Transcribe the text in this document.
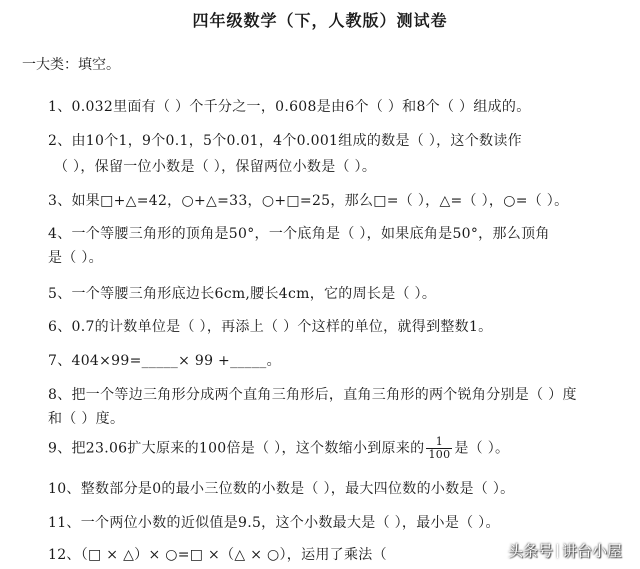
四年级数学（下，人教版）测试卷
一大类：填空。
1、0.032里面有（ ）个千分之一，0.608是由6个（ ）和8个（ ）组成的。
2、由10个1，9个0.1，5个0.01，4个0.001组成的数是（ ），这个数读作
（ ），保留一位小数是（ ），保留两位小数是（ ）。
3、如果□+△=42，○+△=33，○+□=25，那么□=（ ），△=（ ），○=（ ）。
4、一个等腰三角形的顶角是50°，一个底角是（ ），如果底角是50°，那么顶角
是（ ）。
5、一个等腰三角形底边长6cm,腰长4cm，它的周长是（ ）。
6、0.7的计数单位是（ ），再添上（ ）个这样的单位，就得到整数1。
7、404×99=_____× 99 +_____。
8、把一个等边三角形分成两个直角三角形后，直角三角形的两个锐角分别是（ ）度
和（ ）度。
9、把23.06扩大原来的100倍是（ ），这个数缩小到原来的 $\frac{1}{100}$ 是（ ）。
10、整数部分是0的最小三位数的小数是（ ），最大四位数的小数是（ ）。
11、一个两位小数的近似值是9.5，这个小数最大是（ ），最小是（ ）。
12、（□ × △）× ○=□ ×（△ × ○），运用了乘法（	头条号 讲台小屋
